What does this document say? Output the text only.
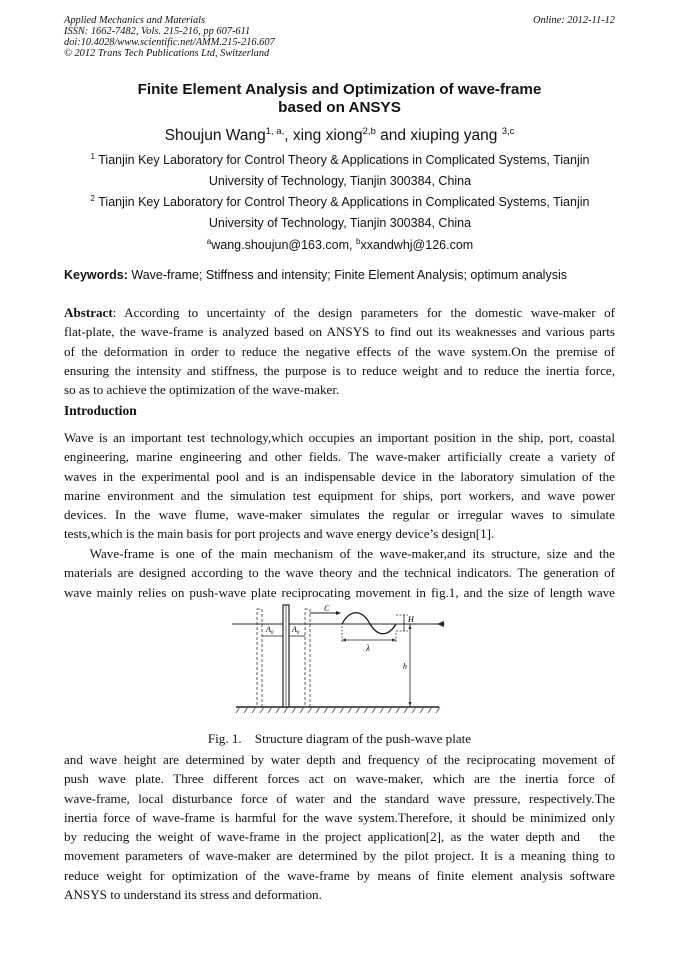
Applied Mechanics and Materials
ISSN: 1662-7482, Vols. 215-216, pp 607-611
doi:10.4028/www.scientific.net/AMM.215-216.607
© 2012 Trans Tech Publications Ltd, Switzerland
Online: 2012-11-12
Finite Element Analysis and Optimization of wave-frame
based on ANSYS
Shoujun Wang$^{1, a,}$, xing xiong$^{2,b}$ and xiuping yang $^{3,c}$
$^1$ Tianjin Key Laboratory for Control Theory & Applications in Complicated Systems, Tianjin
University of Technology, Tianjin 300384, China
$^2$ Tianjin Key Laboratory for Control Theory & Applications in Complicated Systems, Tianjin
University of Technology, Tianjin 300384, China
$^a$wang.shoujun@163.com, $^b$xxandwhj@126.com
Keywords: Wave-frame; Stiffness and intensity; Finite Element Analysis; optimum analysis
Abstract: According to uncertainty of the design parameters for the domestic wave-maker of
flat-plate, the wave-frame is analyzed based on ANSYS to find out its weaknesses and various parts
of the deformation in order to reduce the negative effects of the wave system.On the premise of
ensuring the intensity and stiffness, the purpose is to reduce weight and to reduce the inertia force,
so as to achieve the optimization of the wave-maker.
Introduction
Wave is an important test technology,which occupies an important position in the ship, port, coastal
engineering, marine engineering and other fields. The wave-maker artificially create a variety of
waves in the experimental pool and is an indispensable device in the laboratory simulation of the
marine environment and the simulation test equipment for ships, port workers, and wave power
devices. In the wave flume, wave-maker simulates the regular or irregular waves to simulate
tests,which is the main basis for port projects and wave energy device’s design[1].
Wave-frame is one of the main mechanism of the wave-maker,and its structure, size and the
materials are designed according to the wave theory and the technical indicators. The generation of
wave mainly relies on push-wave plate reciprocating movement in fig.1, and the size of length wave
$A_0$ $A_0$
C
H
λ
h
Fig. 1.    Structure diagram of the push-wave plate
and wave height are determined by water depth and frequency of the reciprocating movement of
push wave plate. Three different forces act on wave-maker, which are the inertia force of
wave-frame, local disturbance force of water and the standard wave pressure, respectively.The
inertia force of wave-frame is harmful for the wave system.Therefore, it should be minimized only
by reducing the weight of wave-frame in the project application[2], as the water depth and   the
movement parameters of wave-maker are determined by the pilot project. It is a meaning thing to
reduce weight for optimization of the wave-frame by means of finite element analysis software
ANSYS to understand its stress and deformation.
